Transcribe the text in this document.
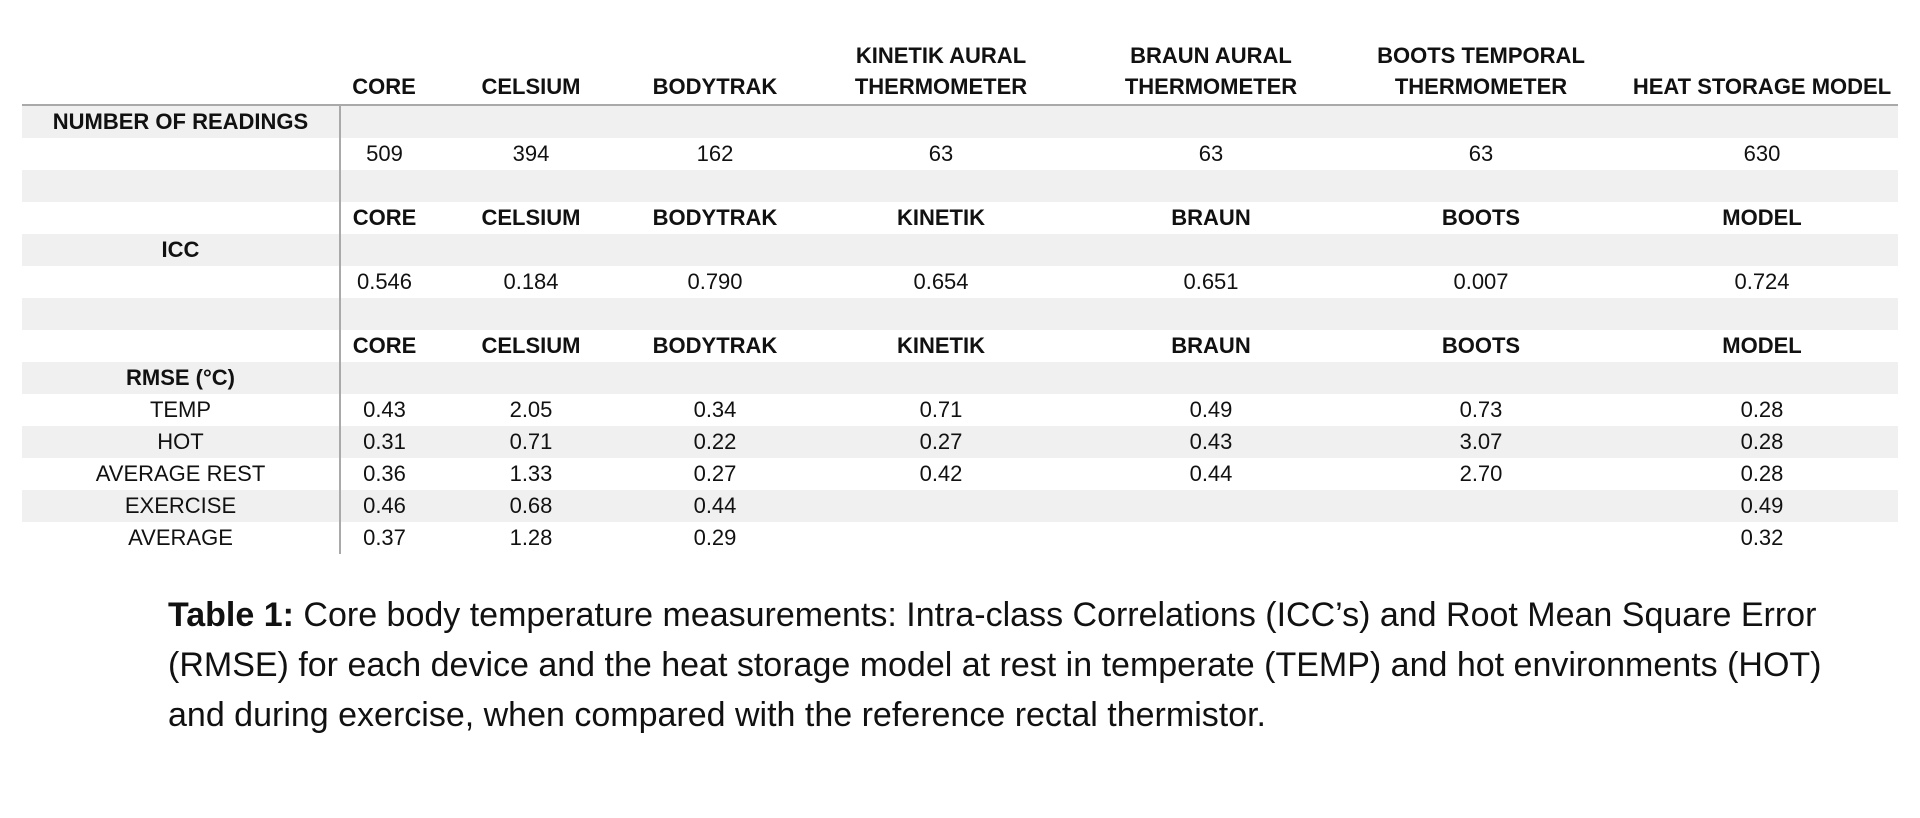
	CORE	CELSIUM	BODYTRAK	KINETIK AURAL THERMOMETER	BRAUN AURAL THERMOMETER	BOOTS TEMPORAL THERMOMETER	HEAT STORAGE MODEL
NUMBER OF READINGS							
	509	394	162	63	63	63	630

	CORE	CELSIUM	BODYTRAK	KINETIK	BRAUN	BOOTS	MODEL
ICC							
	0.546	0.184	0.790	0.654	0.651	0.007	0.724

	CORE	CELSIUM	BODYTRAK	KINETIK	BRAUN	BOOTS	MODEL
RMSE (°C)							
TEMP	0.43	2.05	0.34	0.71	0.49	0.73	0.28
HOT	0.31	0.71	0.22	0.27	0.43	3.07	0.28
AVERAGE REST	0.36	1.33	0.27	0.42	0.44	2.70	0.28
EXERCISE	0.46	0.68	0.44				0.49
AVERAGE	0.37	1.28	0.29				0.32
Table 1: Core body temperature measurements: Intra-class Correlations (ICC’s) and Root Mean Square Error (RMSE) for each device and the heat storage model at rest in temperate (TEMP) and hot environments (HOT) and during exercise, when compared with the reference rectal thermistor.
